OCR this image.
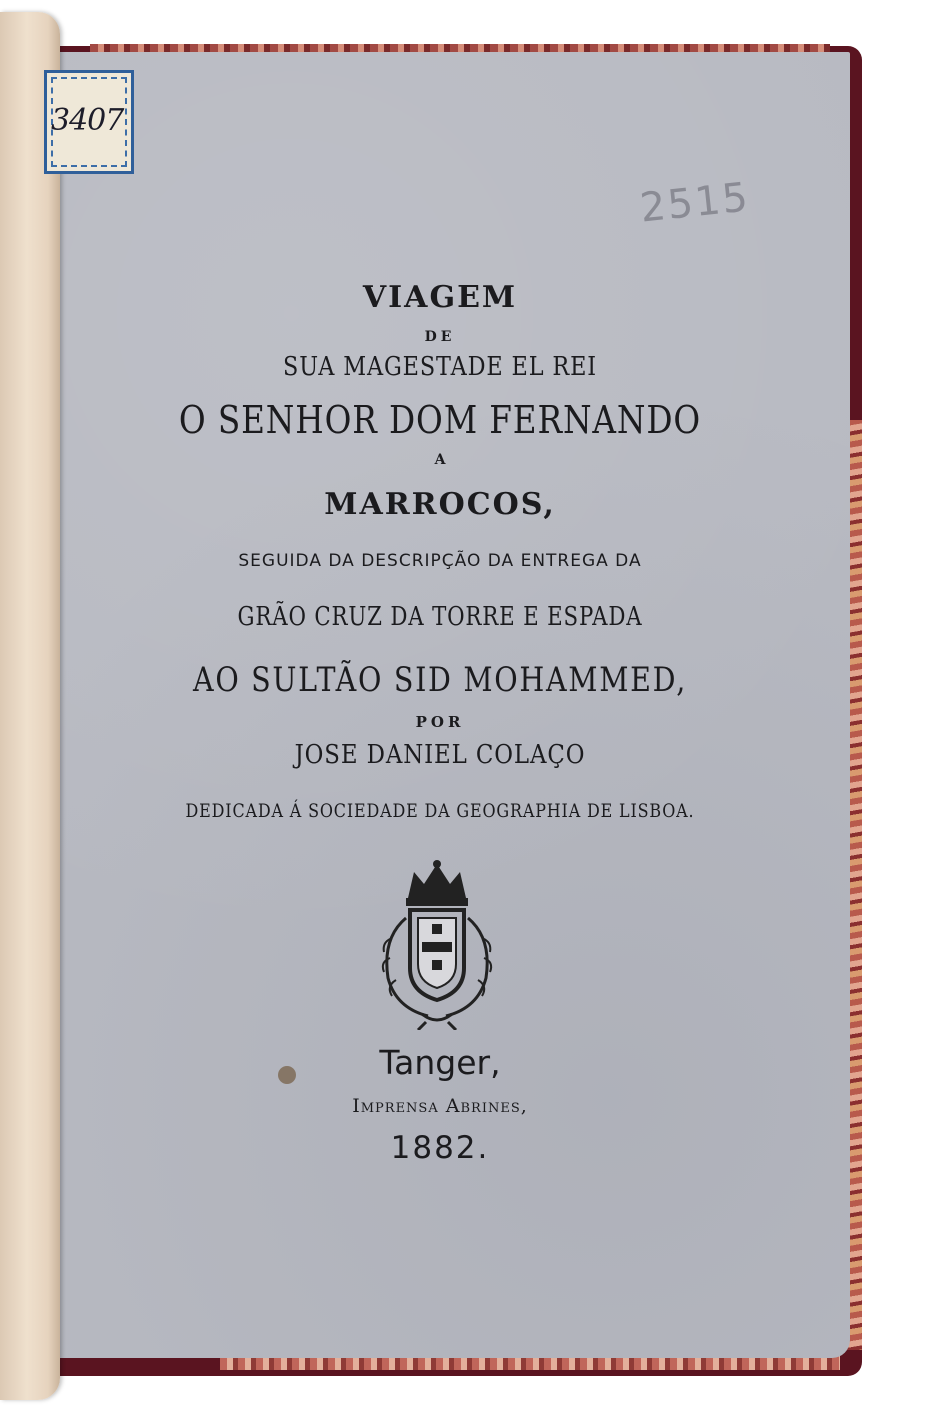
3407
2515

VIAGEM

DE

SUA MAGESTADE EL REI

O SENHOR DOM FERNANDO

A

MARROCOS,

SEGUIDA DA DESCRIPÇÃO DA ENTREGA DA

GRÃO CRUZ DA TORRE E ESPADA

AO SULTÃO SID MOHAMMED,

POR

JOSE DANIEL COLAÇO

DEDICADA Á SOCIEDADE DA GEOGRAPHIA DE LISBOA.

Tanger,

Imprensa Abrines,

1882.
